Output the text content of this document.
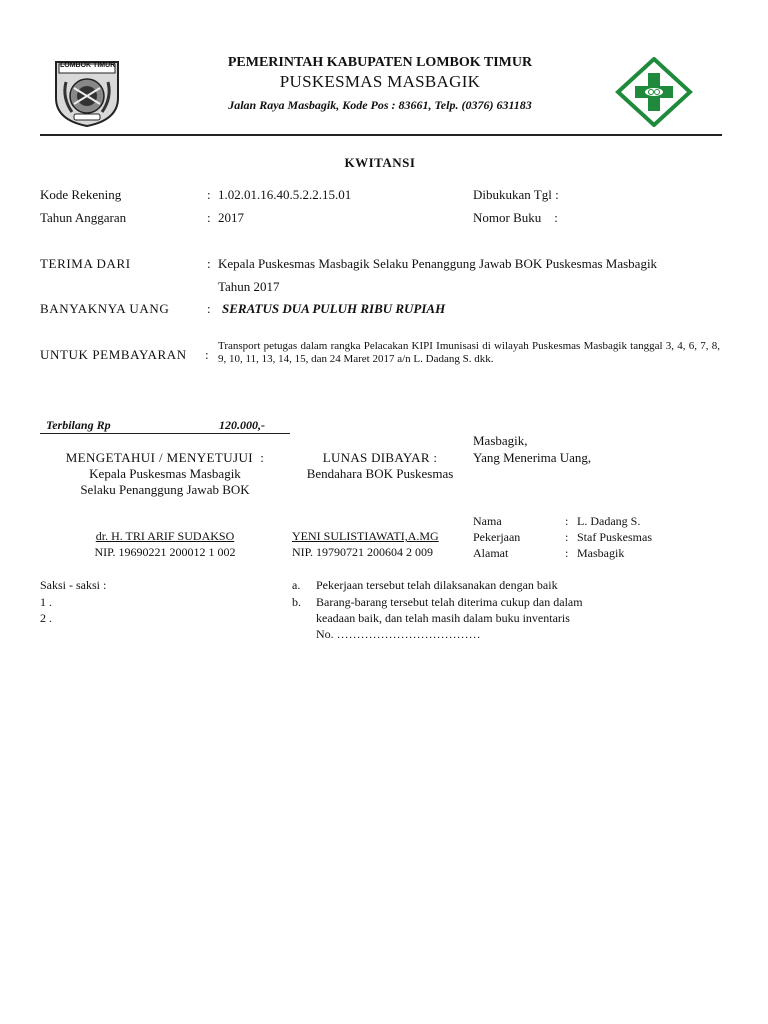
LOMBOK TIMUR	PEMERINTAH KABUPATEN LOMBOK TIMUR
PUSKESMAS MASBAGIK
Jalan Raya Masbagik, Kode Pos : 83661, Telp. (0376) 631183
KWITANSI
Kode Rekening	: 1.02.01.16.40.5.2.2.15.01	Dibukukan Tgl :
Tahun Anggaran	: 2017	Nomor Buku    :
TERIMA DARI	: Kepala Puskesmas Masbagik Selaku Penanggung Jawab BOK Puskesmas Masbagik
Tahun 2017
BANYAKNYA UANG	: SERATUS DUA PULUH RIBU RUPIAH
UNTUK PEMBAYARAN :
Transport petugas dalam rangka Pelacakan KIPI Imunisasi di wilayah Puskesmas Masbagik tanggal 3, 4, 6, 7, 8, 9, 10, 11, 13, 14, 15, dan 24 Maret 2017 a/n L. Dadang S. dkk.
Terbilang Rp	120.000,-
Masbagik,
Yang Menerima Uang,
MENGETAHUI / MENYETUJUI  :
Kepala Puskesmas Masbagik
Selaku Penanggung Jawab BOK
dr. H. TRI ARIF SUDAKSO
NIP. 19690221 200012 1 002
LUNAS DIBAYAR :
Bendahara BOK Puskesmas
YENI SULISTIAWATI,A.MG
NIP. 19790721 200604 2 009
Nama	: L. Dadang S.
Pekerjaan	: Staf Puskesmas
Alamat	: Masbagik
Saksi - saksi :
1 .
2 .
a. Pekerjaan tersebut telah dilaksanakan dengan baik
b. Barang-barang tersebut telah diterima cukup dan dalam
keadaan baik, dan telah masih dalam buku inventaris
No. ………………………………
